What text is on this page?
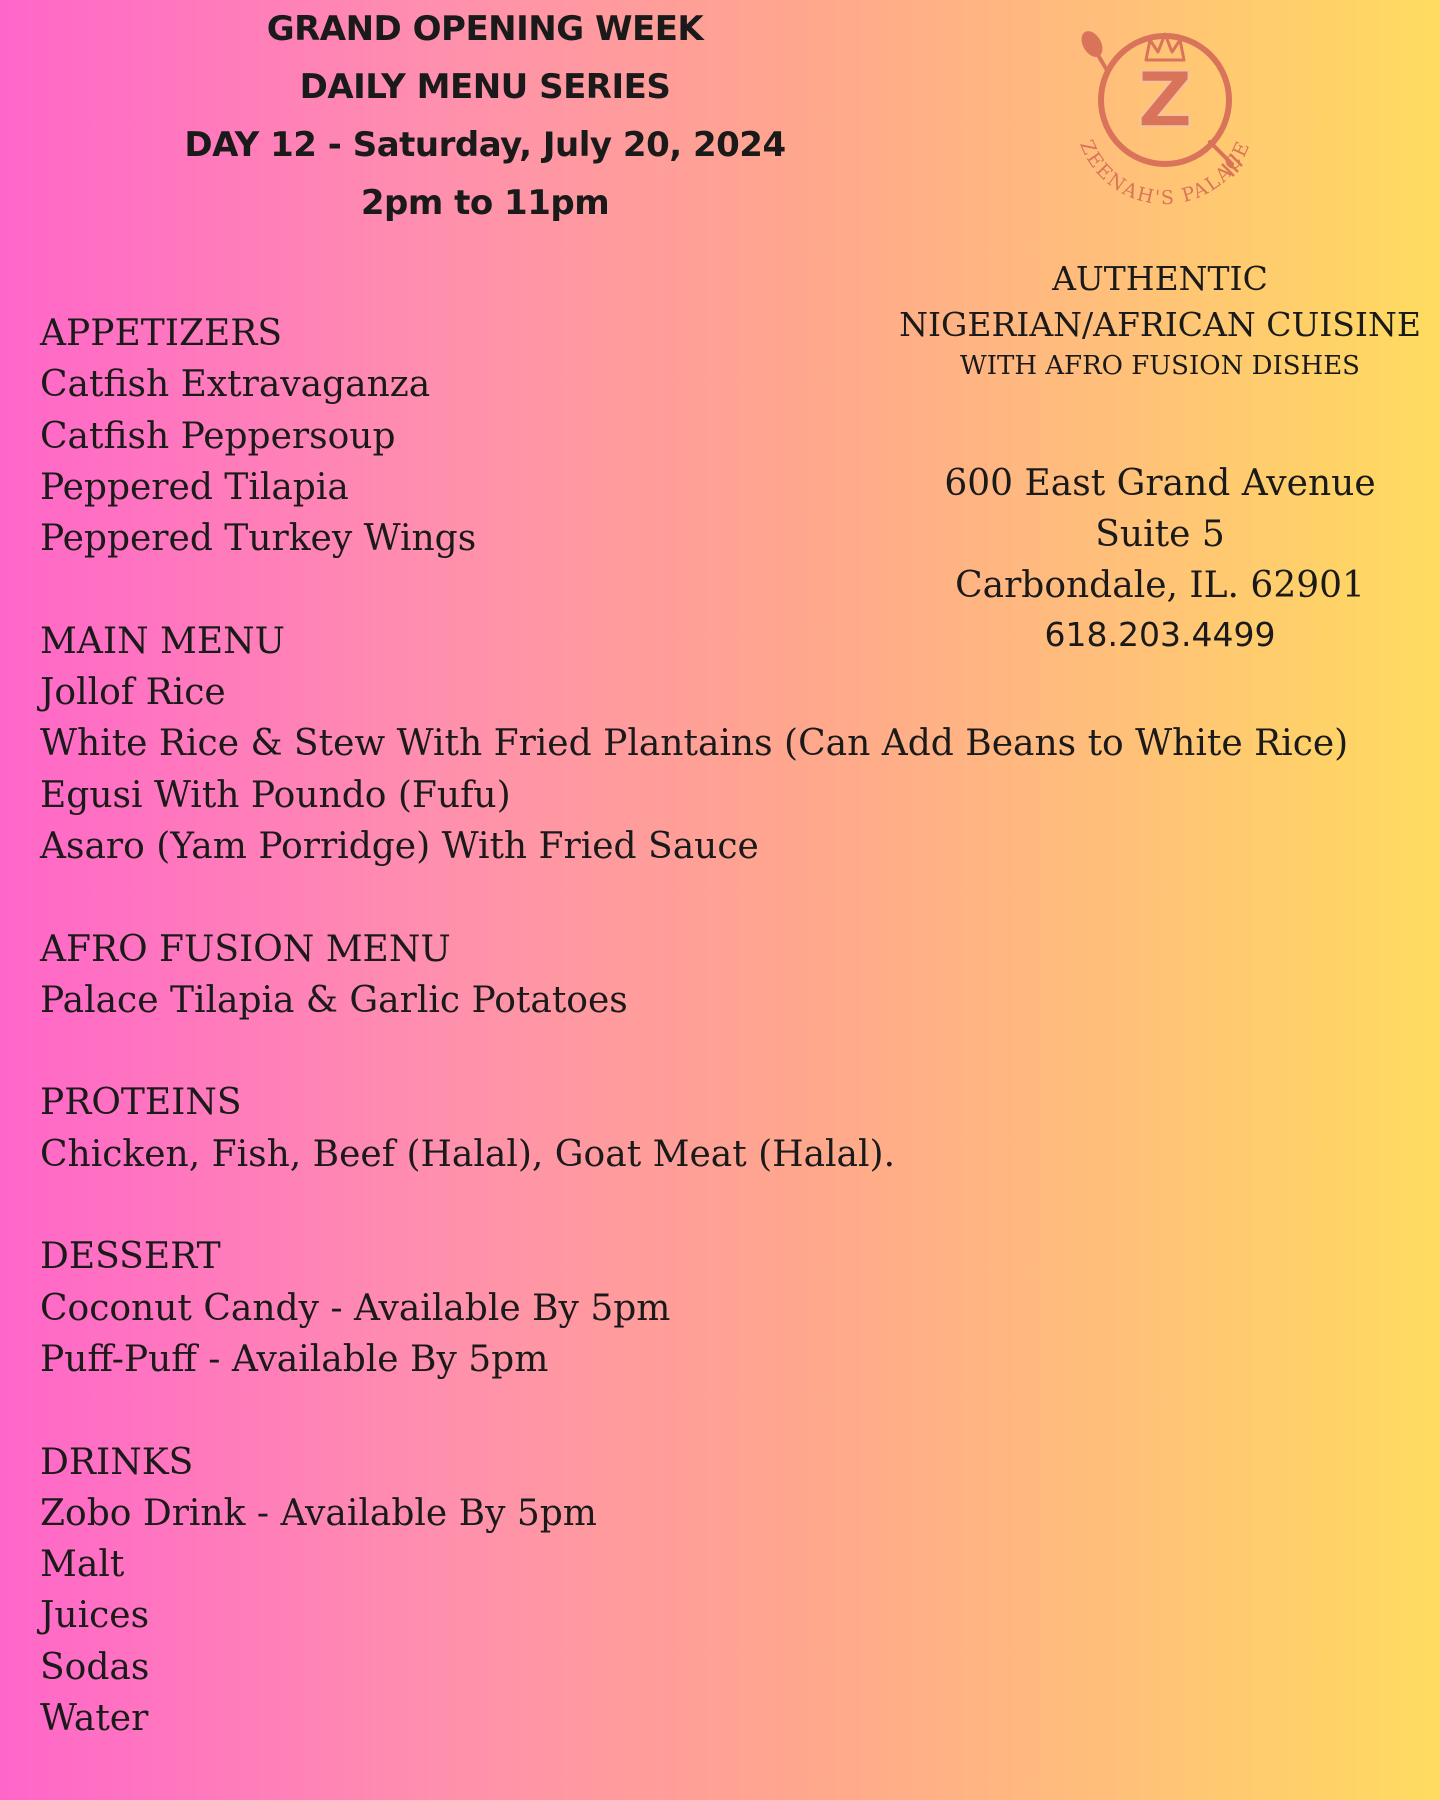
GRAND OPENING WEEK
DAILY MENU SERIES
DAY 12 - Saturday, July 20, 2024
2pm to 11pm
Z
ZEENAH'S PALACE
AUTHENTIC
NIGERIAN/AFRICAN CUISINE
WITH AFRO FUSION DISHES
600 East Grand Avenue
Suite 5
Carbondale, IL. 62901
618.203.4499
APPETIZERS
Catfish Extravaganza
Catfish Peppersoup
Peppered Tilapia
Peppered Turkey Wings
MAIN MENU
Jollof Rice
White Rice & Stew With Fried Plantains (Can Add Beans to White Rice)
Egusi With Poundo (Fufu)
Asaro (Yam Porridge) With Fried Sauce
AFRO FUSION MENU
Palace Tilapia & Garlic Potatoes
PROTEINS
Chicken, Fish, Beef (Halal), Goat Meat (Halal).
DESSERT
Coconut Candy - Available By 5pm
Puff-Puff - Available By 5pm
DRINKS
Zobo Drink - Available By 5pm
Malt
Juices
Sodas
Water
